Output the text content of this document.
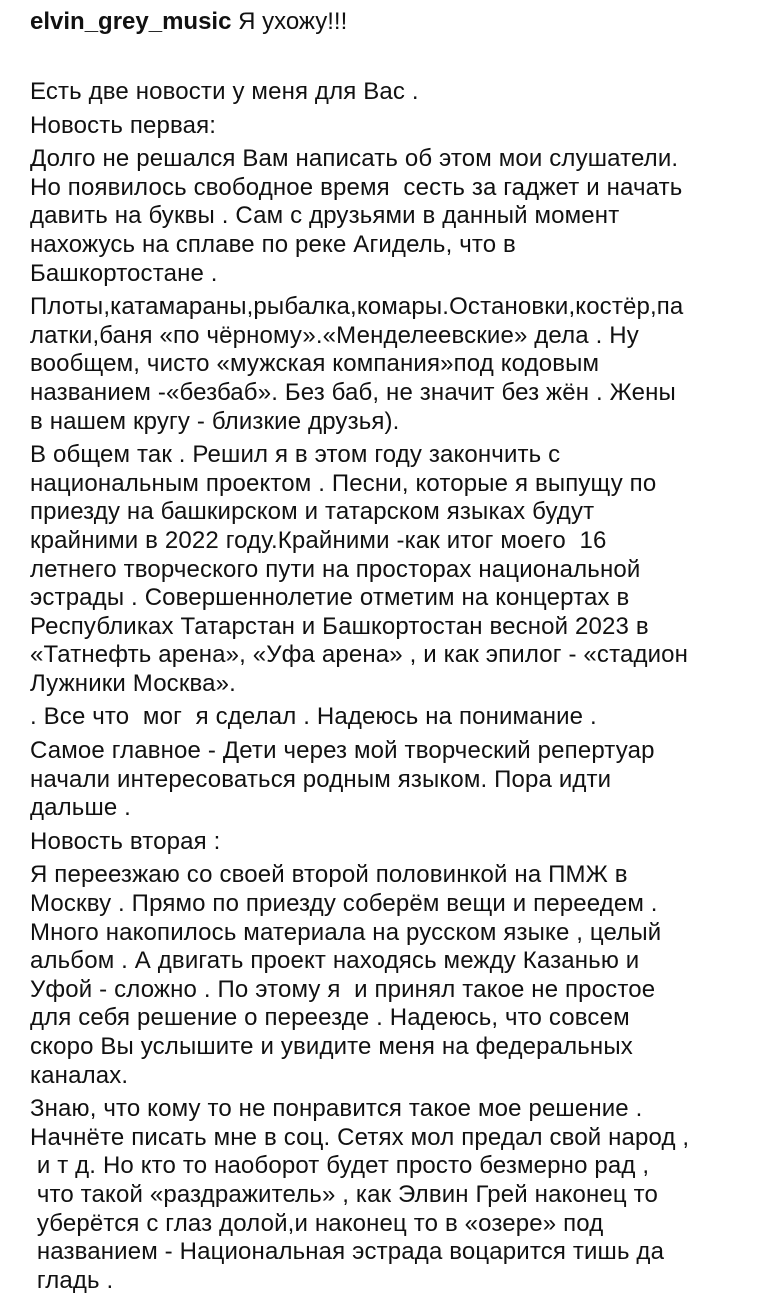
elvin_grey_music Я ухожу!!!
Есть две новости у меня для Вас .
Новость первая:
Долго не решался Вам написать об этом мои слушатели.
Но появилось свободное время  сесть за гаджет и начать
давить на буквы . Сам с друзьями в данный момент
нахожусь на сплаве по реке Агидель, что в
Башкортостане .
Плоты,катамараны,рыбалка,комары.Остановки,костёр,па
латки,баня «по чёрному».«Менделеевские» дела . Ну
вообщем, чисто «мужская компания»под кодовым
названием -«безбаб». Без баб, не значит без жён . Жены
в нашем кругу - близкие друзья).
В общем так . Решил я в этом году закончить с
национальным проектом . Песни, которые я выпущу по
приезду на башкирском и татарском языках будут
крайними в 2022 году.Крайними -как итог моего  16
летнего творческого пути на просторах национальной
эстрады . Совершеннолетие отметим на концертах в
Республиках Татарстан и Башкортостан весной 2023 в
«Татнефть арена», «Уфа арена» , и как эпилог - «стадион
Лужники Москва».
. Все что  мог  я сделал . Надеюсь на понимание .
Самое главное - Дети через мой творческий репертуар
начали интересоваться родным языком. Пора идти
дальше .
Новость вторая :
Я переезжаю со своей второй половинкой на ПМЖ в
Москву . Прямо по приезду соберём вещи и переедем .
Много накопилось материала на русском языке , целый
альбом . А двигать проект находясь между Казанью и
Уфой - сложно . По этому я  и принял такое не простое
для себя решение о переезде . Надеюсь, что совсем
скоро Вы услышите и увидите меня на федеральных
каналах.
Знаю, что кому то не понравится такое мое решение .
Начнёте писать мне в соц. Сетях мол предал свой народ ,
и т д. Но кто то наоборот будет просто безмерно рад ,
что такой «раздражитель» , как Элвин Грей наконец то
уберётся с глаз долой,и наконец то в «озере» под
названием - Национальная эстрада воцарится тишь да
гладь .
